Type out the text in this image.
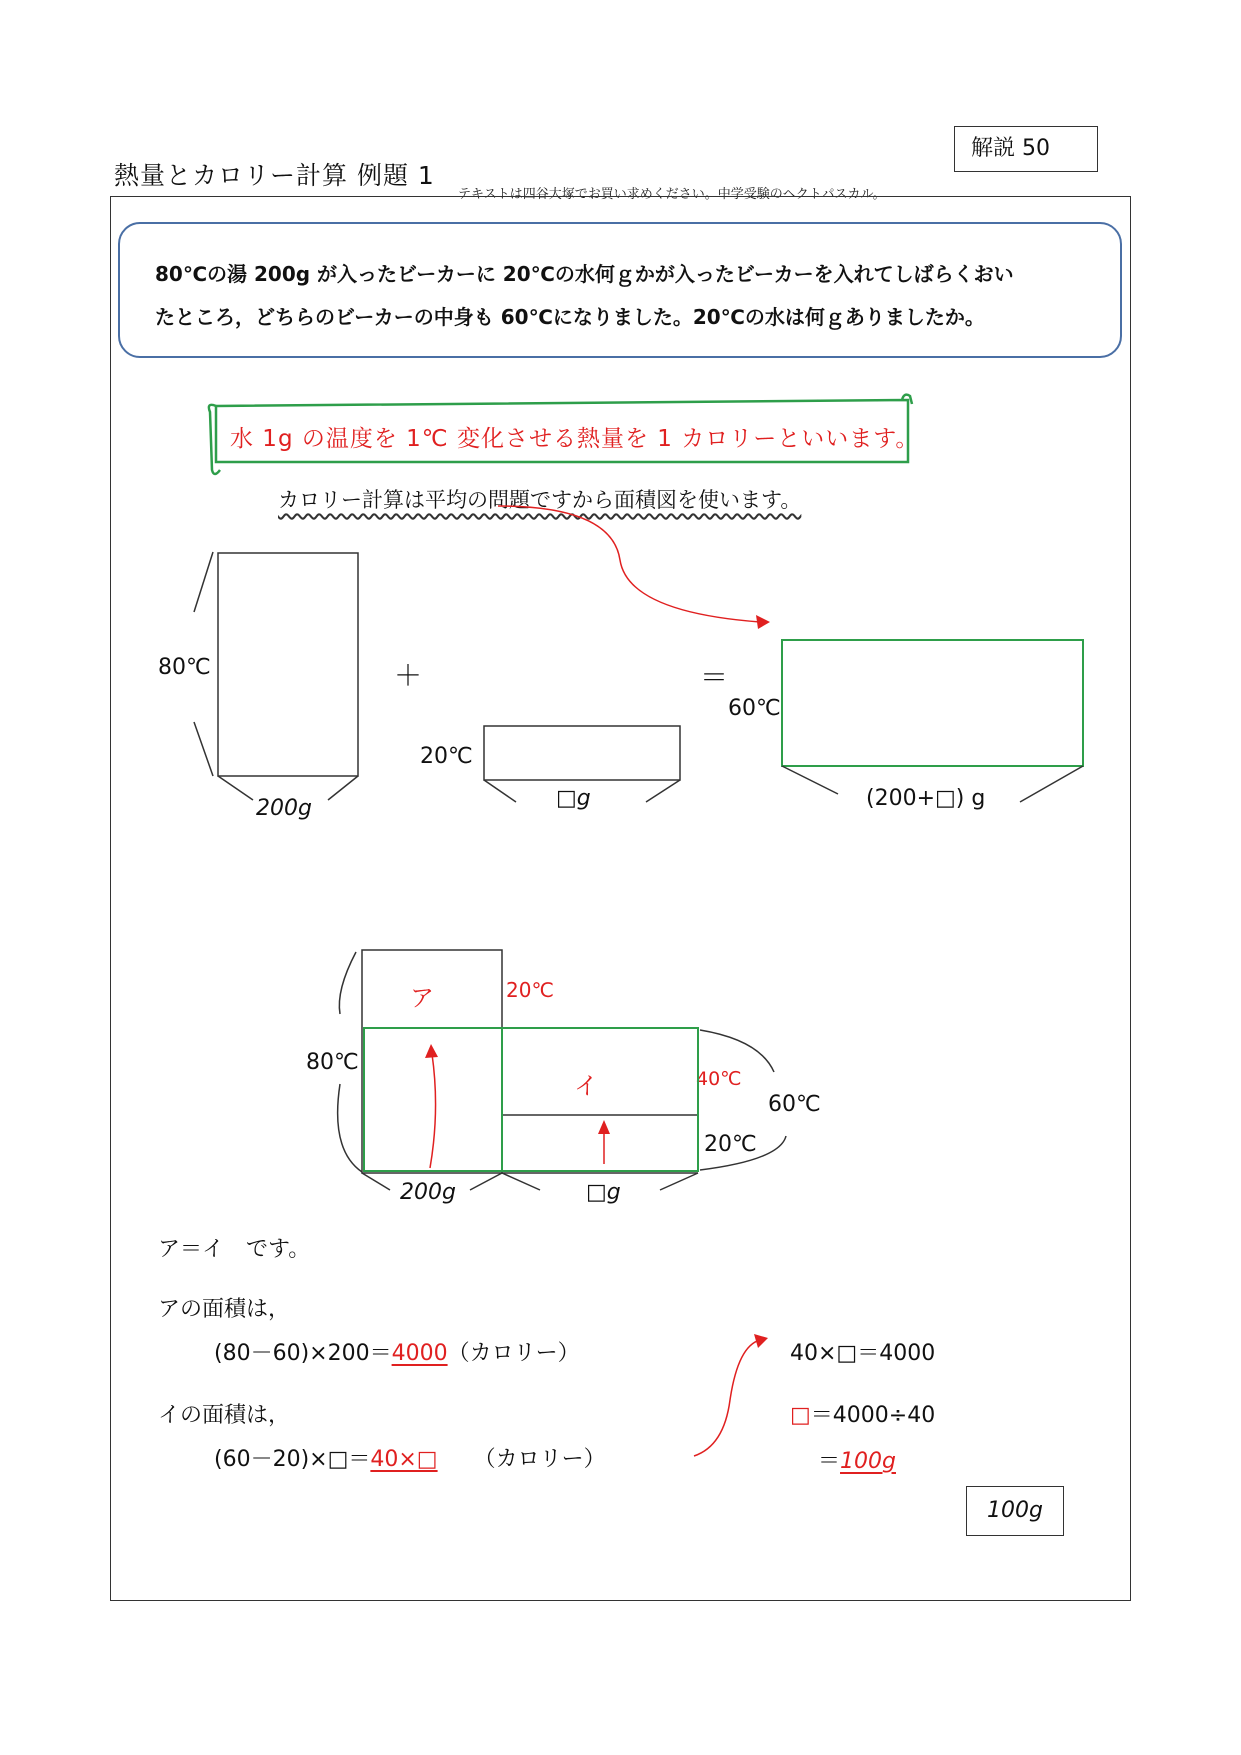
解説 50
熱量とカロリー計算 例題 1
テキストは四谷大塚でお買い求めください。中学受験のヘクトパスカル。
80℃の湯 200g が入ったビーカーに 20℃の水何ｇかが入ったビーカーを入れてしばらくおい
たところ，どちらのビーカーの中身も 60℃になりました。20℃の水は何ｇありましたか。
水 1g の温度を 1℃ 変化させる熱量を 1 カロリーといいます。
カロリー計算は平均の問題ですから面積図を使います。
80℃
200g
＋	＝
20℃
□g
60℃
(200+□) g
ア
イ
20℃
80℃
40℃
60℃
20℃
200g	□g
ア＝イ　です。
アの面積は，
(80－60)×200＝4000（カロリー）
イの面積は，
(60－20)×□＝40×□ （カロリー）
40×□＝4000
□＝4000÷40
＝100g
100g
